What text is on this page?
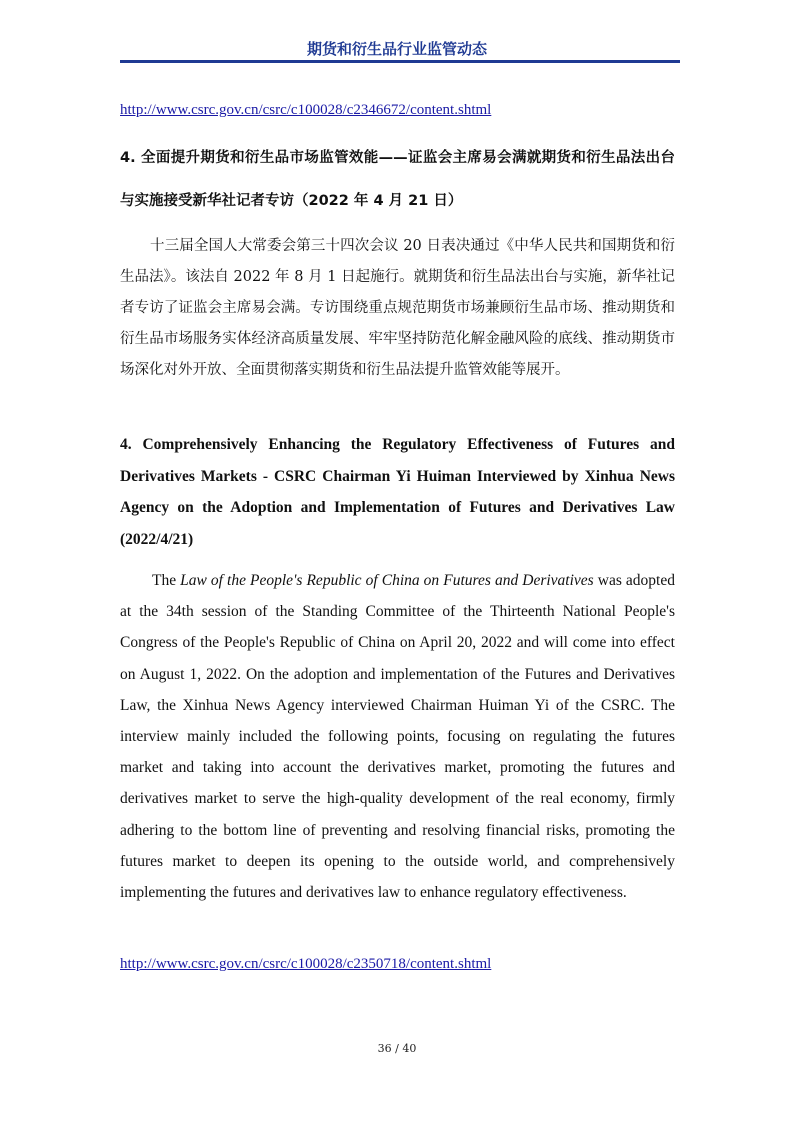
期货和衍生品行业监管动态
http://www.csrc.gov.cn/csrc/c100028/c2346672/content.shtml

4. 全面提升期货和衍生品市场监管效能——证监会主席易会满就期货和衍生品法出台与实施接受新华社记者专访（2022 年 4 月 21 日）

十三届全国人大常委会第三十四次会议 20 日表决通过《中华人民共和国期货和衍生品法》。该法自 2022 年 8 月 1 日起施行。就期货和衍生品法出台与实施，新华社记者专访了证监会主席易会满。专访围绕重点规范期货市场兼顾衍生品市场、推动期货和衍生品市场服务实体经济高质量发展、牢牢坚持防范化解金融风险的底线、推动期货市场深化对外开放、全面贯彻落实期货和衍生品法提升监管效能等展开。

4. Comprehensively Enhancing the Regulatory Effectiveness of Futures and Derivatives Markets - CSRC Chairman Yi Huiman Interviewed by Xinhua News Agency on the Adoption and Implementation of Futures and Derivatives Law (2022/4/21)

The Law of the People's Republic of China on Futures and Derivatives was adopted at the 34th session of the Standing Committee of the Thirteenth National People's Congress of the People's Republic of China on April 20, 2022 and will come into effect on August 1, 2022. On the adoption and implementation of the Futures and Derivatives Law, the Xinhua News Agency interviewed Chairman Huiman Yi of the CSRC. The interview mainly included the following points, focusing on regulating the futures market and taking into account the derivatives market, promoting the futures and derivatives market to serve the high-quality development of the real economy, firmly adhering to the bottom line of preventing and resolving financial risks, promoting the futures market to deepen its opening to the outside world, and comprehensively implementing the futures and derivatives law to enhance regulatory effectiveness.

http://www.csrc.gov.cn/csrc/c100028/c2350718/content.shtml
36 / 40
